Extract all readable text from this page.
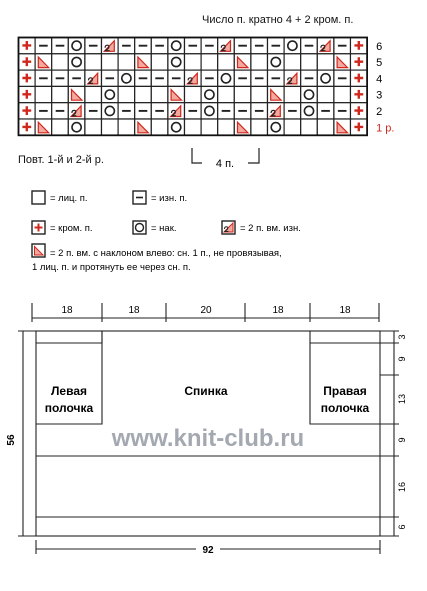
Число п. кратно 4 + 2 кром. п.
6
5
4
3
2
1 р.
4 п.
Повт. 1-й и 2-й р.
= лиц. п.	= изн. п.
= кром. п.	= нак.	= 2 п. вм. изн.
= 2 п. вм. с наклоном влево: сн. 1 п., не провязывая,
1 лиц. п. и протянуть ее через сн. п.
18	18	20	18	18
3
9
13
9
16
6
56
92
Левая
полочка
Спинка	Правая
полочка
www.knit-club.ru
